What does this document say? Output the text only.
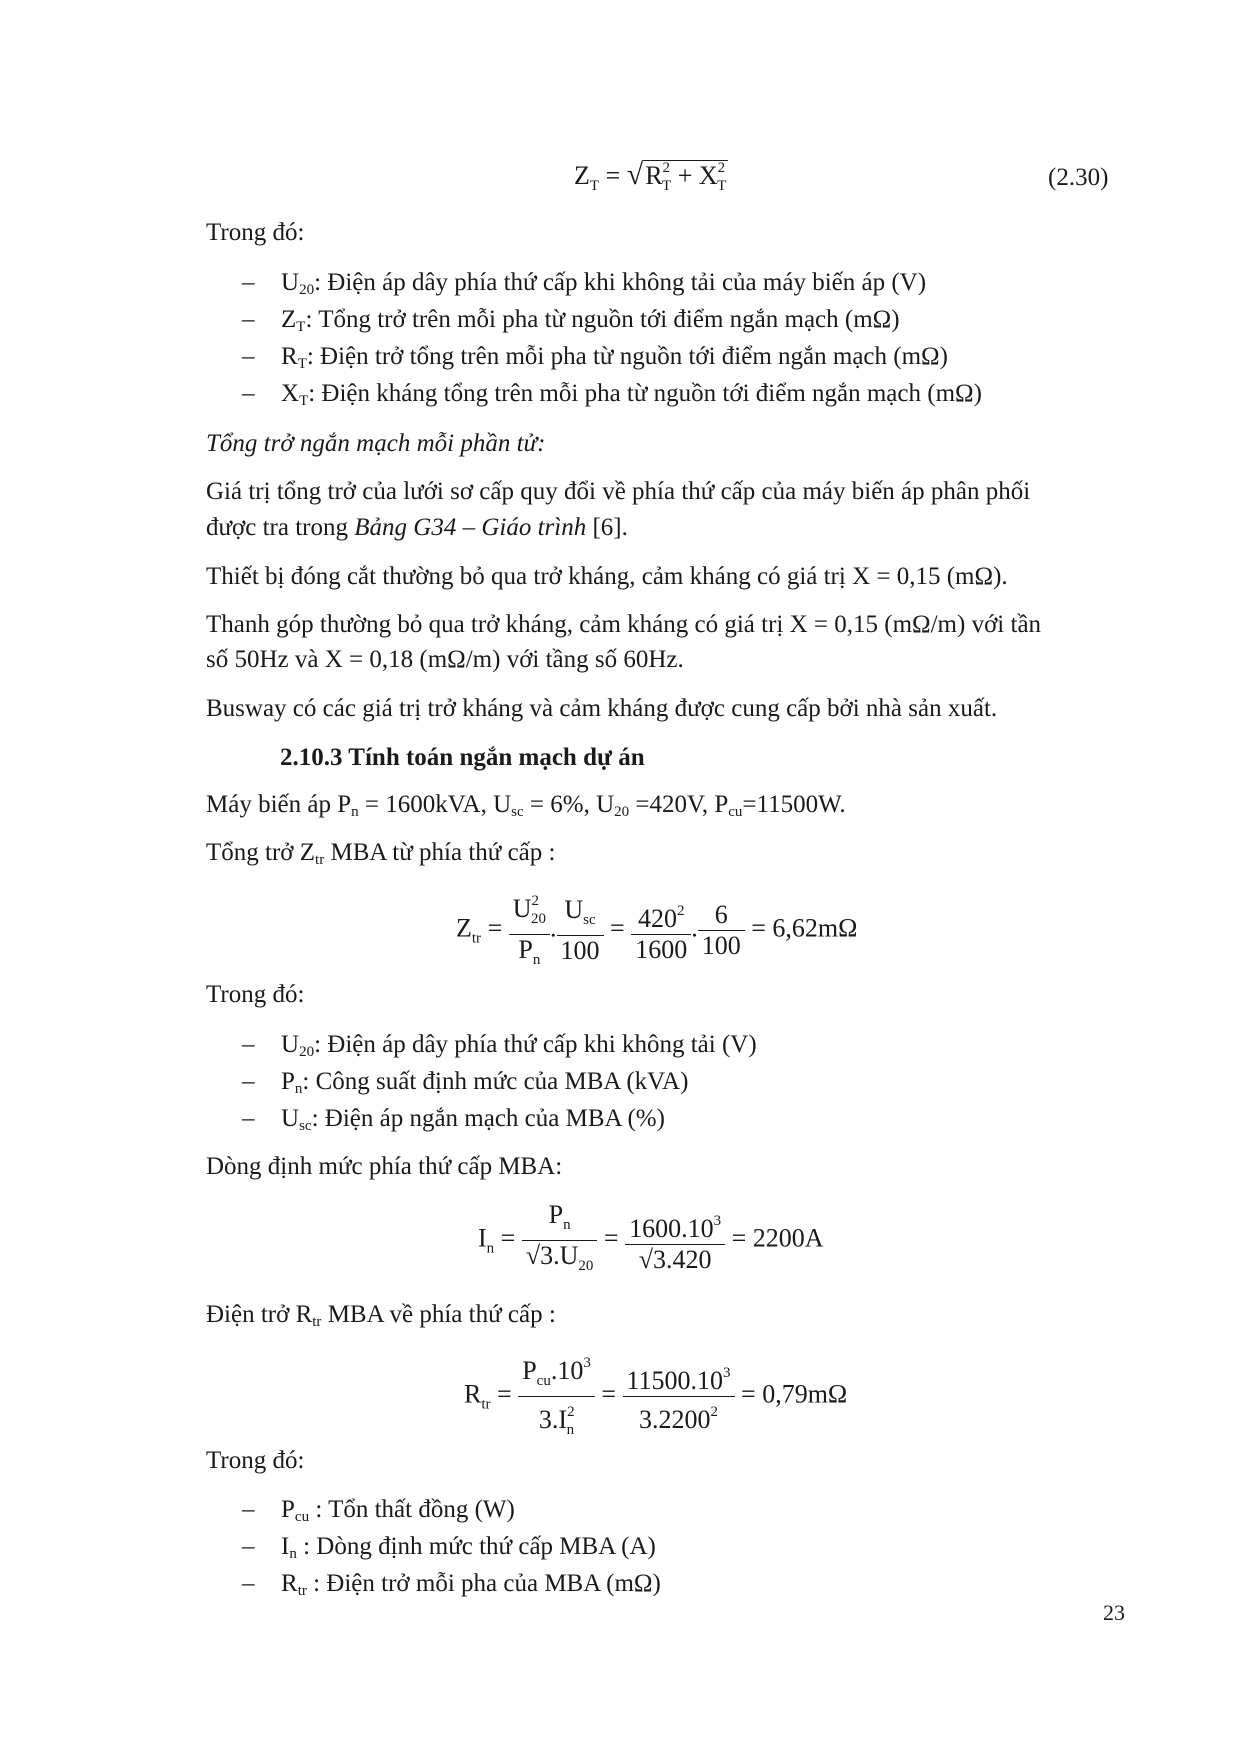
$Z_T = √R^2_T + X^2_T$	(2.30)
Trong đó:
– $U_{20}$: Điện áp dây phía thứ cấp khi không tải của máy biến áp (V)
– $Z_T$: Tổng trở trên mỗi pha từ nguồn tới điểm ngắn mạch (mΩ)
– $R_T$: Điện trở tổng trên mỗi pha từ nguồn tới điểm ngắn mạch (mΩ)
– $X_T$: Điện kháng tổng trên mỗi pha từ nguồn tới điểm ngắn mạch (mΩ)
Tổng trở ngắn mạch mỗi phần tử:
Giá trị tổng trở của lưới sơ cấp quy đổi về phía thứ cấp của máy biến áp phân phối
được tra trong Bảng G34 – Giáo trình [6].
Thiết bị đóng cắt thường bỏ qua trở kháng, cảm kháng có giá trị X = 0,15 (mΩ).
Thanh góp thường bỏ qua trở kháng, cảm kháng có giá trị X = 0,15 (mΩ/m) với tần
số 50Hz và X = 0,18 (mΩ/m) với tầng số 60Hz.
Busway có các giá trị trở kháng và cảm kháng được cung cấp bởi nhà sản xuất.
2.10.3 Tính toán ngắn mạch dự án
Máy biến áp $P_n = 1600kVA$, $U_{sc} = 6\%$, $U_{20} =420V$, $P_{cu}=11500W$.
Tổng trở $Z_{tr}$ MBA từ phía thứ cấp :
$Z_{tr} = \frac{U^2_{20}}{P_n}$ . $\frac{U_{sc}}{100} = \frac{420^2}{1600}$ . $\frac{6}{100} = 6,62m\Omega$
Trong đó:
– $U_{20}$: Điện áp dây phía thứ cấp khi không tải (V)
– $P_n$: Công suất định mức của MBA (kVA)
– $U_{sc}$: Điện áp ngắn mạch của MBA (%)
Dòng định mức phía thứ cấp MBA:
$I_n = \frac{P_n}{√3.U_{20}} = \frac{1600.10^3}{√3.420} = 2200A$
Điện trở $R_{tr}$ MBA về phía thứ cấp :
$R_{tr} = \frac{P_{cu}.10^3}{3.I^2_n} = \frac{11500.10^3}{3.2200^2} = 0,79m\Omega$
Trong đó:
– $P_{cu}$ : Tổn thất đồng (W)
– $I_n$ : Dòng định mức thứ cấp MBA (A)
– $R_{tr}$ : Điện trở mỗi pha của MBA (mΩ)
23
